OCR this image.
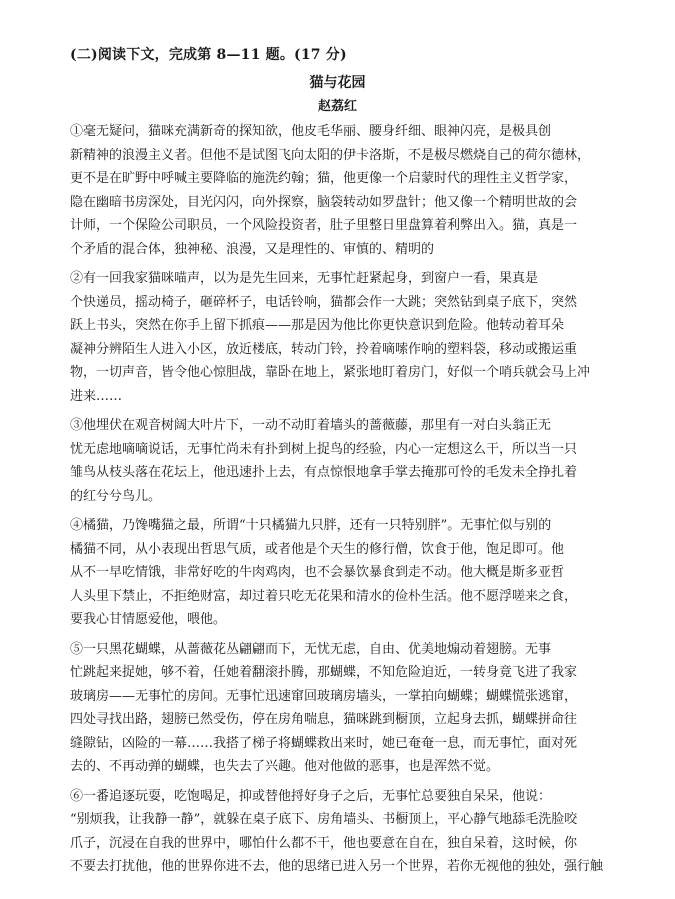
(二)阅读下文，完成第 8—11 题。(17 分)
猫与花园
赵荔红
①毫无疑问，猫咪充满新奇的探知欲，他皮毛华丽、腰身纤细、眼神闪亮，是极具创
新精神的浪漫主义者。但他不是试图飞向太阳的伊卡洛斯，不是极尽燃烧自己的荷尔德林，
更不是在旷野中呼喊主要降临的施洗约翰；猫，他更像一个启蒙时代的理性主义哲学家，
隐在幽暗书房深处，目光闪闪，向外探察，脑袋转动如罗盘针；他又像一个精明世故的会
计师，一个保险公司职员，一个风险投资者，肚子里整日里盘算着利弊出入。猫，真是一
个矛盾的混合体，独神秘、浪漫，又是理性的、审慎的、精明的
②有一回我家猫咪喵声，以为是先生回来，无事忙赶紧起身，到窗户一看，果真是
个快递员，摇动椅子，砸碎杯子，电话铃响，猫都会作一大跳；突然钻到桌子底下，突然
跃上书头，突然在你手上留下抓痕——那是因为他比你更快意识到危险。他转动着耳朵
凝神分辨陌生人进入小区，放近楼底，转动门铃，拎着嘀嗦作响的塑料袋，移动或搬运重
物，一切声音，皆令他心惊胆战，靠卧在地上，紧张地盯着房门，好似一个哨兵就会马上冲
进来……
③他埋伏在观音树阔大叶片下，一动不动盯着墙头的蔷薇藤，那里有一对白头翁正无
忧无虑地嘀嘀说话，无事忙尚未有扑到树上捉鸟的经验，内心一定想这么干，所以当一只
雏鸟从枝头落在花坛上，他迅速扑上去，有点惊恨地拿手掌去掩那可怜的毛发未全挣扎着
的红兮兮鸟儿。
④橘猫，乃馋嘴猫之最，所谓“十只橘猫九只胖，还有一只特别胖”。无事忙似与别的
橘猫不同，从小表现出哲思气质，或者他是个天生的修行僧，饮食于他，饱足即可。他
从不一早吃情饿，非常好吃的牛肉鸡肉，也不会暴饮暴食到走不动。他大概是斯多亚哲
人头里下禁止，不拒绝财富，却过着只吃无花果和清水的俭朴生活。他不愿浮嗟来之食，
要我心甘情愿爱他，喂他。
⑤一只黑花蝴蝶，从蔷薇花丛翩翩而下，无忧无虑，自由、优美地煽动着翅膀。无事
忙跳起来捉她，够不着，任她着翻滚扑腾，那蝴蝶，不知危险迫近，一转身竟飞进了我家
玻璃房——无事忙的房间。无事忙迅速窜回玻璃房墙头，一掌拍向蝴蝶；蝴蝶慌张逃窜，
四处寻找出路，翅膀已然受伤，停在房角喘息，猫咪跳到橱顶，立起身去抓，蝴蝶拼命往
缝隙钻，凶险的一幕……我搭了梯子将蝴蝶救出来时，她已奄奄一息，而无事忙，面对死
去的、不再动弹的蝴蝶，也失去了兴趣。他对他做的恶事，也是浑然不觉。
⑥一番追逐玩耍，吃饱喝足，抑或替他捋好身子之后，无事忙总要独自呆呆，他说：
“别烦我，让我静一静”，就躲在桌子底下、房角墙头、书橱顶上，平心静气地舔毛洗脸咬
爪子，沉浸在自我的世界中，哪怕什么都不干，他也要意在自在，独自呆着，这时候，你
不要去打扰他，他的世界你进不去，他的思绪已进入另一个世界，若你无视他的独处，强行触
